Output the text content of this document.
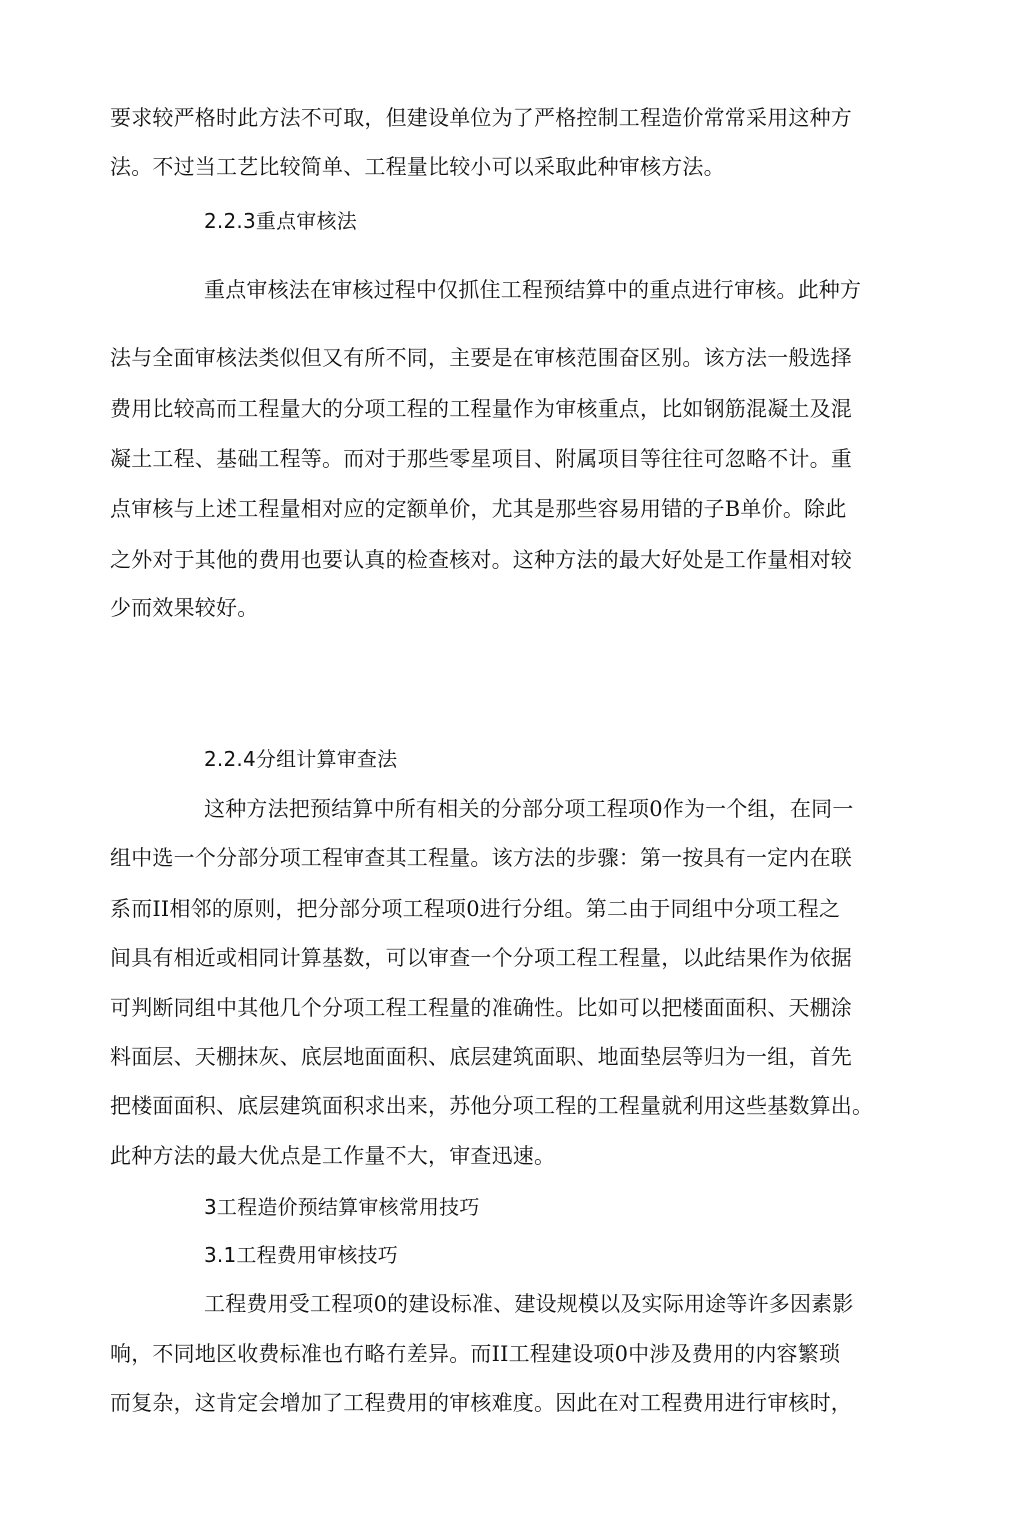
要求较严格时此方法不可取，但建设单位为了严格控制工程造价常常采用这种方
法。不过当工艺比较简单、工程量比较小可以采取此种审核方法。
2.2.3重点审核法
重点审核法在审核过程中仅抓住工程预结算中的重点进行审核。此种方
法与全面审核法类似但又有所不同，主要是在审核范围奋区别。该方法一般选择
费用比较高而工程量大的分项工程的工程量作为审核重点，比如钢筋混凝土及混
凝土工程、基础工程等。而对于那些零星项目、附属项目等往往可忽略不计。重
点审核与上述工程量相对应的定额单价，尤其是那些容易用错的子B单价。除此
之外对于其他的费用也要认真的检查核对。这种方法的最大好处是工作量相对较
少而效果较好。
2.2.4分组计算审查法
这种方法把预结算中所有相关的分部分项工程项0作为一个组，在同一
组中选一个分部分项工程审查其工程量。该方法的步骤：第一按具有一定内在联
系而II相邻的原则，把分部分项工程项0进行分组。第二由于同组中分项工程之
间具有相近或相同计算基数，可以审查一个分项工程工程量，以此结果作为依据
可判断同组中其他几个分项工程工程量的准确性。比如可以把楼面面积、天棚涂
料面层、天棚抹灰、底层地面面积、底层建筑面职、地面垫层等归为一组，首先
把楼面面积、底层建筑面积求出来，苏他分项工程的工程量就利用这些基数算出。
此种方法的最大优点是工作量不大，审查迅速。
3工程造价预结算审核常用技巧
3.1工程费用审核技巧
工程费用受工程项0的建设标准、建设规模以及实际用途等许多因素影
响，不同地区收费标准也冇略冇差异。而II工程建设项0中涉及费用的内容繁琐
而复杂，这肯定会增加了工程费用的审核难度。因此在对工程费用进行审核时，
